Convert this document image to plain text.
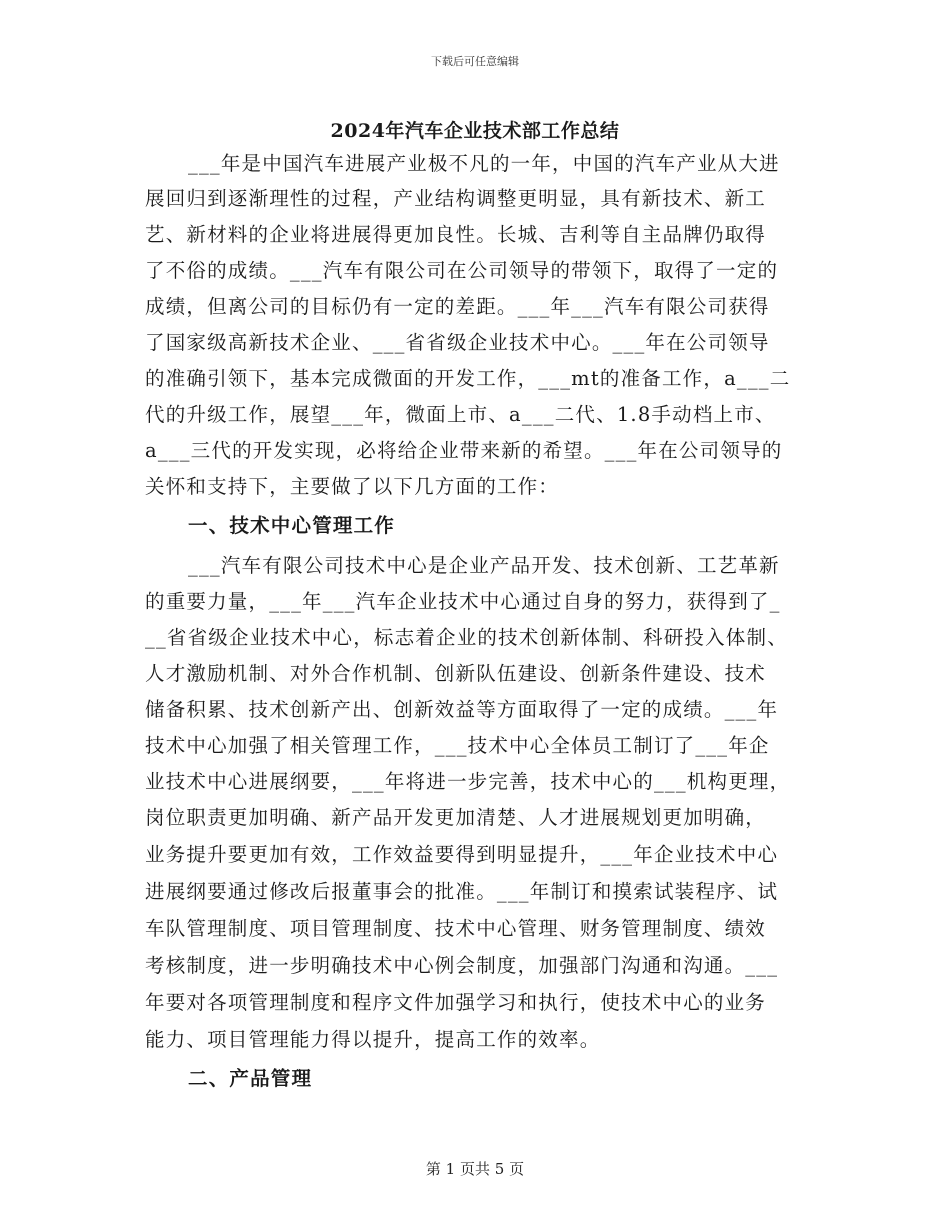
下载后可任意编辑
2024年汽车企业技术部工作总结
___年是中国汽车进展产业极不凡的一年，中国的汽车产业从大进
展回归到逐渐理性的过程，产业结构调整更明显，具有新技术、新工
艺、新材料的企业将进展得更加良性。长城、吉利等自主品牌仍取得
了不俗的成绩。___汽车有限公司在公司领导的带领下，取得了一定的
成绩，但离公司的目标仍有一定的差距。___年___汽车有限公司获得
了国家级高新技术企业、___省省级企业技术中心。___年在公司领导
的准确引领下，基本完成微面的开发工作，___mt的准备工作，a___二
代的升级工作，展望___年，微面上市、a___二代、1.8手动档上市、
a___三代的开发实现，必将给企业带来新的希望。___年在公司领导的
关怀和支持下，主要做了以下几方面的工作：
一、技术中心管理工作
___汽车有限公司技术中心是企业产品开发、技术创新、工艺革新
的重要力量，___年___汽车企业技术中心通过自身的努力，获得到了_
__省省级企业技术中心，标志着企业的技术创新体制、科研投入体制、
人才激励机制、对外合作机制、创新队伍建设、创新条件建设、技术
储备积累、技术创新产出、创新效益等方面取得了一定的成绩。___年
技术中心加强了相关管理工作，___技术中心全体员工制订了___年企
业技术中心进展纲要，___年将进一步完善，技术中心的___机构更理，
岗位职责更加明确、新产品开发更加清楚、人才进展规划更加明确，
业务提升要更加有效，工作效益要得到明显提升，___年企业技术中心
进展纲要通过修改后报董事会的批准。___年制订和摸索试装程序、试
车队管理制度、项目管理制度、技术中心管理、财务管理制度、绩效
考核制度，进一步明确技术中心例会制度，加强部门沟通和沟通。___
年要对各项管理制度和程序文件加强学习和执行，使技术中心的业务
能力、项目管理能力得以提升，提高工作的效率。
二、产品管理
第 1 页共 5 页
